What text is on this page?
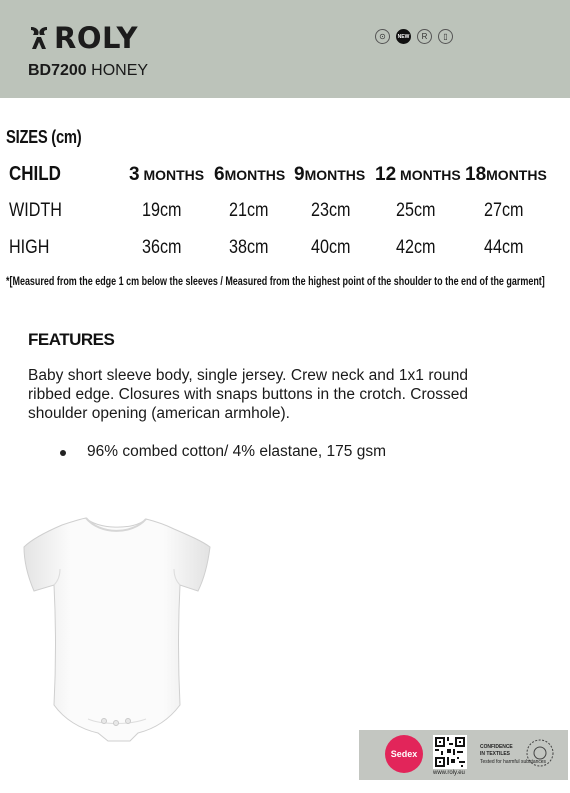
ROLY
BD7200 HONEY
⊙	NEW	R	▯
SIZES (cm)
CHILD	3 MONTHS 6MONTHS 9MONTHS 12 MONTHS 18MONTHS
WIDTH	19cm	21cm 23cm 25cm	27cm
HIGH	36cm	38cm 40cm 42cm	44cm
*[Measured from the edge 1 cm below the sleeves / Measured from the highest point of the shoulder to the end of the garment]
FEATURES
Baby short sleeve body, single jersey. Crew neck and 1x1 round ribbed edge. Closures with snaps buttons in the crotch. Crossed shoulder opening (american armhole).
96% combed cotton/ 4% elastane, 175 gsm
Sedex
www.roly.eu
CONFIDENCE
IN TEXTILES
Tested for harmful substances
